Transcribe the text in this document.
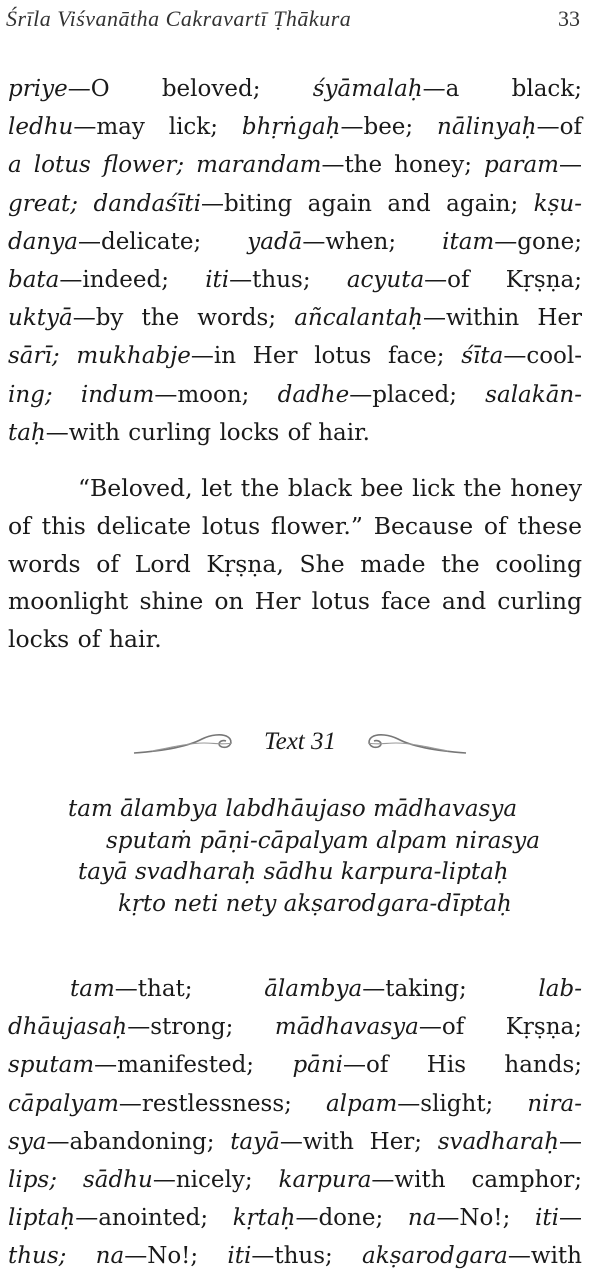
Śrīla Viśvanātha Cakravartī Ṭhākura	33
priye—O beloved; śyāmalaḥ—a black;
ledhu—may lick; bhṛṅgaḥ—bee; nālinyaḥ—of
a lotus flower; marandam—the honey; param—
great; dandaśīti—biting again and again; kṣu-
danya—delicate; yadā—when; itam—gone;
bata—indeed; iti—thus; acyuta—of Kṛṣṇa;
uktyā—by the words; añcalantaḥ—within Her
sārī; mukhabje—in Her lotus face; śīta—cool-
ing; indum—moon; dadhe—placed; salakān-
taḥ—with curling locks of hair.
“Beloved, let the black bee lick the honey
of this delicate lotus flower.” Because of these
words of Lord Kṛṣṇa, She made the cooling
moonlight shine on Her lotus face and curling
locks of hair.
Text 31
tam ālambya labdhāujaso mādhavasya
sputaṁ pāṇi-cāpalyam alpam nirasya
tayā svadharaḥ sādhu karpura-liptaḥ
kṛto neti nety akṣarodgara-dīptaḥ
tam—that; ālambya—taking; lab-
dhāujasaḥ—strong; mādhavasya—of Kṛṣṇa;
sputam—manifested; pāni—of His hands;
cāpalyam—restlessness; alpam—slight; nira-
sya—abandoning; tayā—with Her; svadharaḥ—
lips; sādhu—nicely; karpura—with camphor;
liptaḥ—anointed; kṛtaḥ—done; na—No!; iti—
thus; na—No!; iti—thus; akṣarodgara—with
